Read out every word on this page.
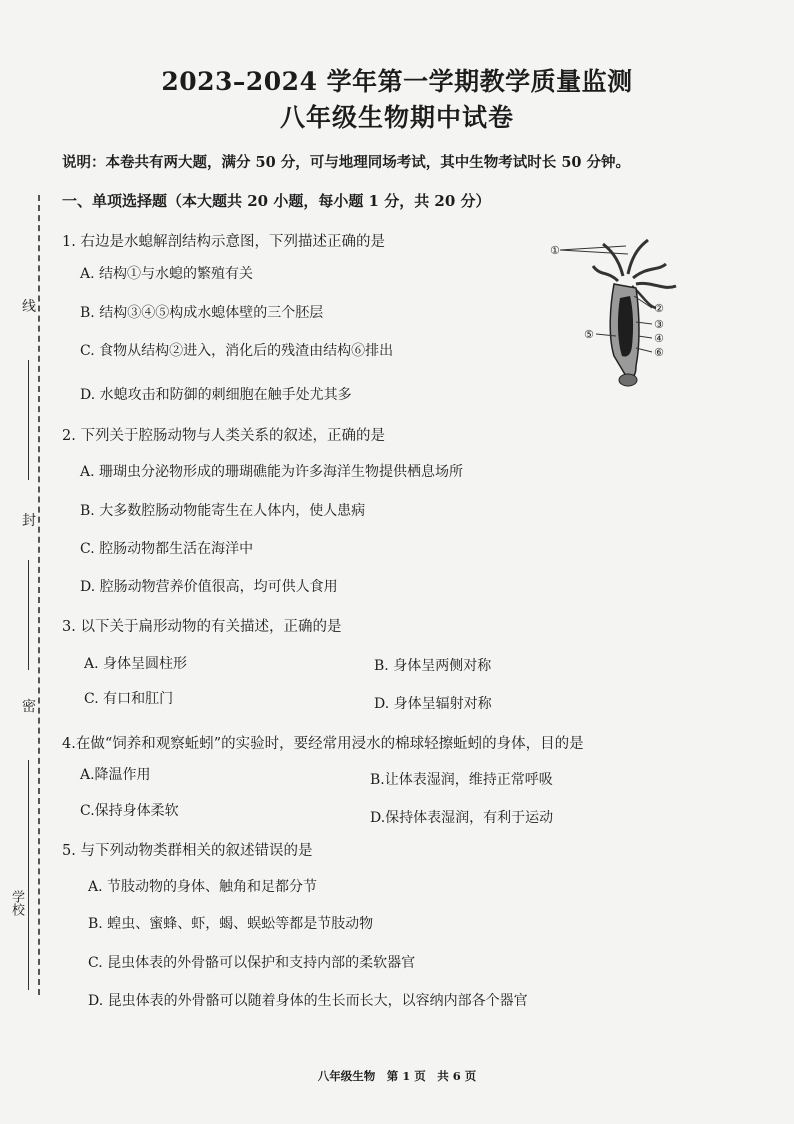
线
封
密
学校
2023–2024 学年第一学期教学质量监测
八年级生物期中试卷
说明：本卷共有两大题，满分 50 分，可与地理同场考试，其中生物考试时长 50 分钟。
一、单项选择题（本大题共 20 小题，每小题 1 分，共 20 分）
1. 右边是水螅解剖结构示意图，下列描述正确的是
A. 结构①与水螅的繁殖有关
B. 结构③④⑤构成水螅体壁的三个胚层
C. 食物从结构②进入，消化后的残渣由结构⑥排出
D. 水螅攻击和防御的刺细胞在触手处尤其多
①
②
③
④
⑤
⑥
2. 下列关于腔肠动物与人类关系的叙述，正确的是
A. 珊瑚虫分泌物形成的珊瑚礁能为许多海洋生物提供栖息场所
B. 大多数腔肠动物能寄生在人体内，使人患病
C. 腔肠动物都生活在海洋中
D. 腔肠动物营养价值很高，均可供人食用
3. 以下关于扁形动物的有关描述，正确的是
A. 身体呈圆柱形	B. 身体呈两侧对称
C. 有口和肛门	D. 身体呈辐射对称
4.在做“饲养和观察蚯蚓”的实验时，要经常用浸水的棉球轻擦蚯蚓的身体，目的是
A.降温作用	B.让体表湿润，维持正常呼吸
C.保持身体柔软	D.保持体表湿润，有利于运动
5. 与下列动物类群相关的叙述错误的是
A. 节肢动物的身体、触角和足都分节
B. 蝗虫、蜜蜂、虾，蝎、蜈蚣等都是节肢动物
C. 昆虫体表的外骨骼可以保护和支持内部的柔软器官
D. 昆虫体表的外骨骼可以随着身体的生长而长大，以容纳内部各个器官
八年级生物　第 1 页　共 6 页
